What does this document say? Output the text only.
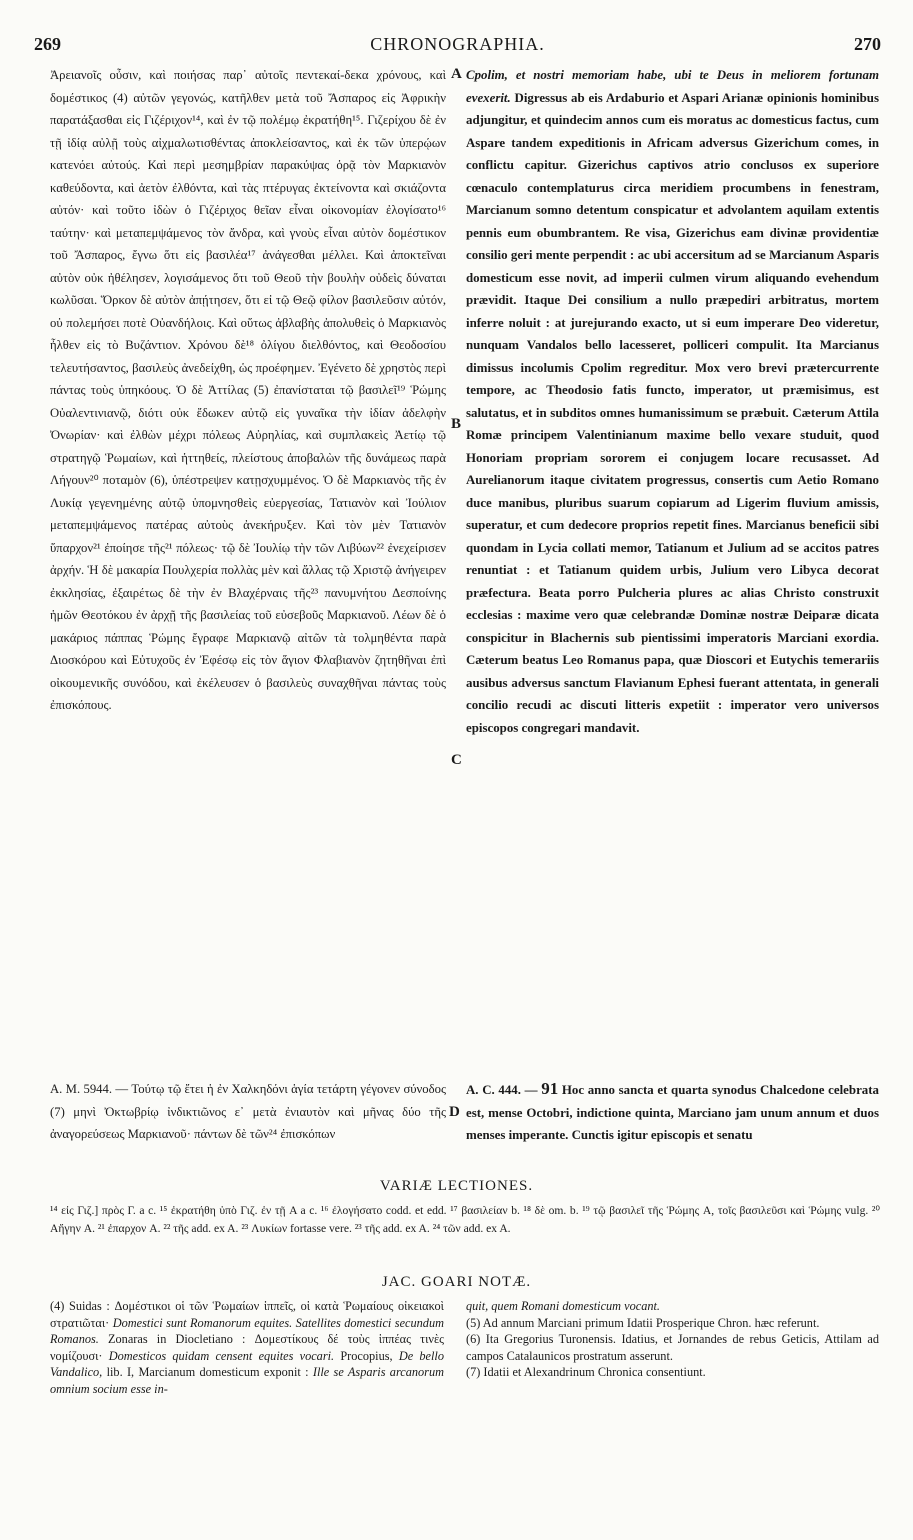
269	CHRONOGRAPHIA.	270

Ἀρειανοῖς οὖσιν, καὶ ποιήσας παρ᾽ αὐτοῖς πεντεκαί-δεκα χρόνους, καὶ δομέστικος (4) αὐτῶν γεγονώς, κατῆλθεν μετὰ τοῦ Ἄσπαρος εἰς Ἀφρικὴν παρατάξασθαι εἰς Γιζέριχον¹⁴, καὶ ἐν τῷ πολέμῳ ἐκρατήθη¹⁵. Γιζερίχου δὲ ἐν τῇ ἰδίᾳ αὐλῇ τοὺς αἰχμαλωτισθέντας ἀποκλείσαντος, καὶ ἐκ τῶν ὑπερῴων κατενόει αὐτούς. Καὶ περὶ μεσημβρίαν παρακύψας ὁρᾷ τὸν Μαρκιανὸν καθεύδοντα, καὶ ἀετὸν ἐλθόντα, καὶ τὰς πτέρυγας ἐκτείνοντα καὶ σκιάζοντα αὐτόν· καὶ τοῦτο ἰδὼν ὁ Γιζέριχος θεῖαν εἶναι οἰκονομίαν ἐλογίσατο¹⁶ ταύτην· καὶ μεταπεμψάμενος τὸν ἄνδρα, καὶ γνοὺς εἶναι αὐτὸν δομέστικον τοῦ Ἄσπαρος, ἔγνω ὅτι εἰς βασιλέα¹⁷ ἀνάγεσθαι μέλλει. Καὶ ἀποκτεῖναι αὐτὸν οὐκ ἠθέλησεν, λογισάμενος ὅτι τοῦ Θεοῦ τὴν βουλὴν οὐδεὶς δύναται κωλῦσαι. Ὅρκον δὲ αὐτὸν ἀπῄτησεν, ὅτι εἰ τῷ Θεῷ φίλον βασιλεῦσιν αὐτόν, οὐ πολεμήσει ποτὲ Οὐανδήλοις. Καὶ οὕτως ἀβλαβὴς ἀπολυθεὶς ὁ Μαρκιανὸς ἦλθεν εἰς τὸ Βυζάντιον. Χρόνου δὲ¹⁸ ὀλίγου διελθόντος, καὶ Θεοδοσίου τελευτήσαντος, βασιλεὺς ἀνεδείχθη, ὡς προέφημεν. Ἐγένετο δὲ χρηστὸς περὶ πάντας τοὺς ὑπηκόους. Ὁ δὲ Ἀττίλας (5) ἐπανίσταται τῷ βασιλεῖ¹⁹ Ῥώμης Οὐαλεντινιανῷ, διότι οὐκ ἔδωκεν αὐτῷ εἰς γυναῖκα τὴν ἰδίαν ἀδελφὴν Ὀνωρίαν· καὶ ἐλθὼν μέχρι πόλεως Αὐρηλίας, καὶ συμπλακεὶς Ἀετίῳ τῷ στρατηγῷ Ῥωμαίων, καὶ ἡττηθείς, πλείστους ἀποβαλὼν τῆς δυνάμεως παρὰ Λήγουν²⁰ ποταμὸν (6), ὑπέστρεψεν κατῃσχυμμένος. Ὁ δὲ Μαρκιανὸς τῆς ἐν Λυκίᾳ γεγενημένης αὐτῷ ὑπομνησθεὶς εὐεργεσίας, Τατιανὸν καὶ Ἰούλιον μεταπεμψάμενος πατέρας αὐτοὺς ἀνεκήρυξεν. Καὶ τὸν μὲν Τατιανὸν ὕπαρχον²¹ ἐποίησε τῆς²¹ πόλεως· τῷ δὲ Ἰουλίῳ τὴν τῶν Λιβύων²² ἐνεχείρισεν ἀρχήν. Ἡ δὲ μακαρία Πουλχερία πολλὰς μὲν καὶ ἄλλας τῷ Χριστῷ ἀνήγειρεν ἐκκλησίας, ἐξαιρέτως δὲ τὴν ἐν Βλαχέρναις τῆς²³ πανυμνήτου Δεσποίνης ἡμῶν Θεοτόκου ἐν ἀρχῇ τῆς βασιλείας τοῦ εὐσεβοῦς Μαρκιανοῦ. Λέων δὲ ὁ μακάριος πάππας Ῥώμης ἔγραφε Μαρκιανῷ αἰτῶν τὰ τολμηθέντα παρὰ Διοσκόρου καὶ Εὐτυχοῦς ἐν Ἐφέσῳ εἰς τὸν ἅγιον Φλαβιανὸν ζητηθῆναι ἐπὶ οἰκουμενικῆς συνόδου, καὶ ἐκέλευσεν ὁ βασιλεὺς συναχθῆναι πάντας τοὺς ἐπισκόπους.

Cpolim, et nostri memoriam habe, ubi te Deus in meliorem fortunam evexerit. Digressus ab eis Ardaburio et Aspari Arianæ opinionis hominibus adjungitur, et quindecim annos cum eis moratus ac domesticus factus, cum Aspare tandem expeditionis in Africam adversus Gizerichum comes, in conflictu capitur. Gizerichus captivos atrio conclusos ex superiore cœnaculo contemplaturus circa meridiem procumbens in fenestram, Marcianum somno detentum conspicatur et advolantem aquilam extentis pennis eum obumbrantem. Re visa, Gizerichus eam divinæ providentiæ consilio geri mente perpendit : ac ubi accersitum ad se Marcianum Asparis domesticum esse novit, ad imperii culmen virum aliquando evehendum prævidit. Itaque Dei consilium a nullo præpediri arbitratus, mortem inferre noluit : at jurejurando exacto, ut si eum imperare Deo videretur, nunquam Vandalos bello lacesseret, polliceri compulit. Ita Marcianus dimissus incolumis Cpolim regreditur. Mox vero brevi prætercurrente tempore, ac Theodosio fatis functo, imperator, ut præmisimus, est salutatus, et in subditos omnes humanissimum se præbuit. Cæterum Attila Romæ principem Valentinianum maxime bello vexare studuit, quod Honoriam propriam sororem ei conjugem locare recusasset. Ad Aurelianorum itaque civitatem progressus, consertis cum Aetio Romano duce manibus, pluribus suarum copiarum ad Ligerim fluvium amissis, superatur, et cum dedecore proprios repetit fines. Marcianus beneficii sibi quondam in Lycia collati memor, Tatianum et Julium ad se accitos patres renuntiat : et Tatianum quidem urbis, Julium vero Libyca decorat præfectura. Beata porro Pulcheria plures ac alias Christo construxit ecclesias : maxime vero quæ celebrandæ Dominæ nostræ Deiparæ dicata conspicitur in Blachernis sub pientissimi imperatoris Marciani exordia. Cæterum beatus Leo Romanus papa, quæ Dioscori et Eutychis temerariis ausibus adversus sanctum Flavianum Ephesi fuerant attentata, in generali concilio recudi ac discuti litteris expetiit : imperator vero universos episcopos congregari mandavit.

A
B
C
D

A. M. 5944. — Τούτῳ τῷ ἔτει ἡ ἐν Χαλκηδόνι ἁγία τετάρτη γέγονεν σύνοδος (7) μηνὶ Ὀκτωβρίῳ ἰνδικτιῶνος ε᾽ μετὰ ἐνιαυτὸν καὶ μῆνας δύο τῆς ἀναγορεύσεως Μαρκιανοῦ· πάντων δὲ τῶν²⁴ ἐπισκόπων

A. C. 444. — 91 Hoc anno sancta et quarta synodus Chalcedone celebrata est, mense Octobri, indictione quinta, Marciano jam unum annum et duos menses imperante. Cunctis igitur episcopis et senatu

VARIÆ LECTIONES.
¹⁴ εἰς Γιζ.] πρὸς Γ. a c. ¹⁵ ἐκρατήθη ὑπὸ Γιζ. ἐν τῇ A a c. ¹⁶ ἐλογήσατο codd. et edd. ¹⁷ βασιλείαν b. ¹⁸ δὲ om. b. ¹⁹ τῷ βασιλεῖ τῆς Ῥώμης A, τοῖς βασιλεῦσι καὶ Ῥώμης vulg. ²⁰ Αἤγην A. ²¹ ἐπαρχον A. ²² τῆς add. ex A. ²³ Λυκίων fortasse vere. ²³ τῆς add. ex A. ²⁴ τῶν add. ex A.
JAC. GOARI NOTÆ.

(4) Suidas : Δομέστικοι οἱ τῶν Ῥωμαίων ἱππεῖς, οἱ κατὰ Ῥωμαίους οἰκειακοὶ στρατιῶται· Domestici sunt Romanorum equites. Satellites domestici secundum Romanos. Zonaras in Diocletiano : Δομεστίκους δέ τοὺς ἱππέας τινὲς νομίζουσι· Domesticos quidam censent equites vocari. Procopius, De bello Vandalico, lib. I, Marcianum domesticum exponit : Ille se Asparis arcanorum omnium socium esse in-

quit, quem Romani domesticum vocant.

(5) Ad annum Marciani primum Idatii Prosperique Chron. hæc referunt.

(6) Ita Gregorius Turonensis. Idatius, et Jornandes de rebus Geticis, Attilam ad campos Catalaunicos prostratum asserunt.

(7) Idatii et Alexandrinum Chronica consentiunt.
